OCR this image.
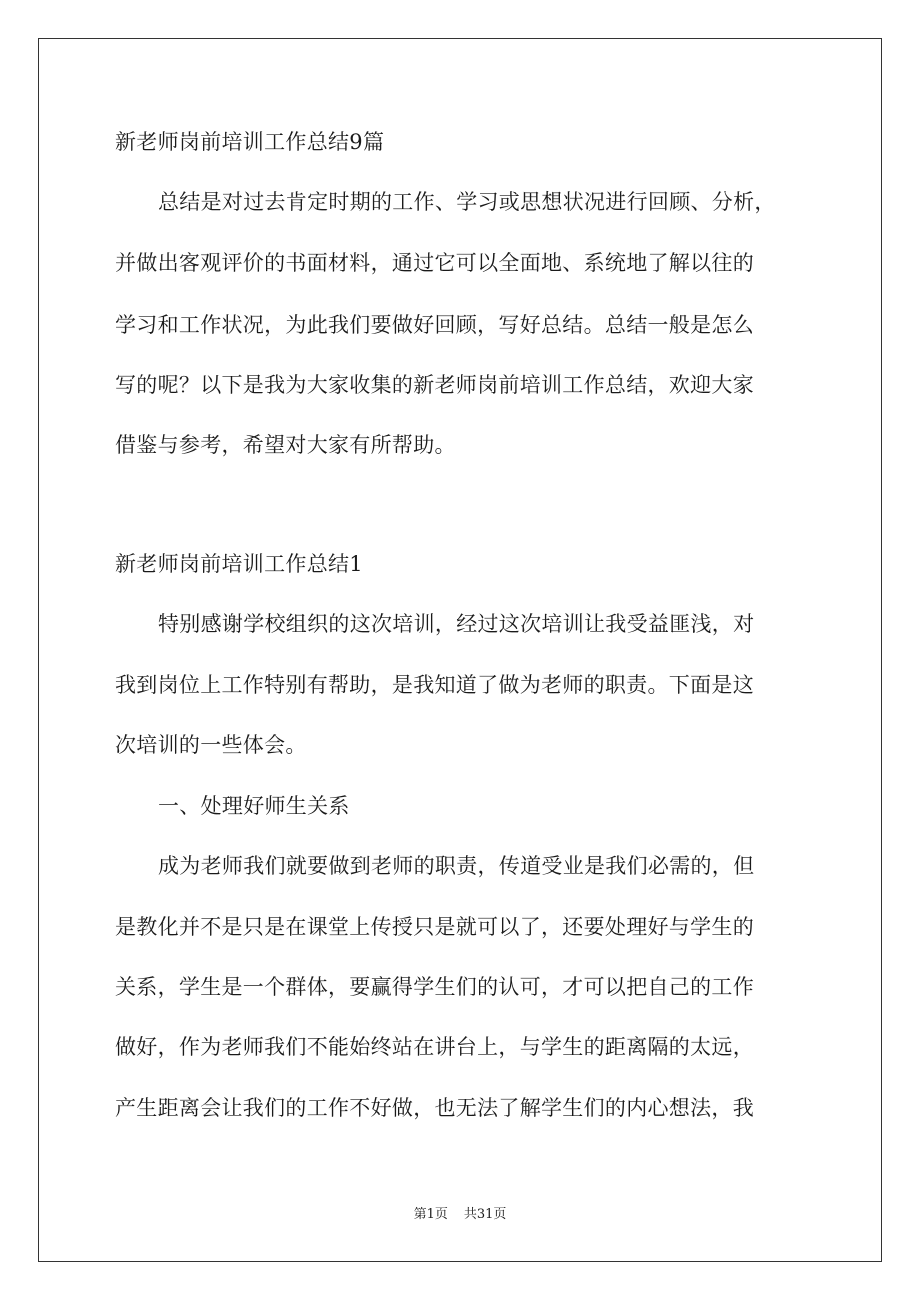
新老师岗前培训工作总结9篇
总结是对过去肯定时期的工作、学习或思想状况进行回顾、分析，
并做出客观评价的书面材料，通过它可以全面地、系统地了解以往的
学习和工作状况，为此我们要做好回顾，写好总结。总结一般是怎么
写的呢？以下是我为大家收集的新老师岗前培训工作总结，欢迎大家
借鉴与参考，希望对大家有所帮助。
新老师岗前培训工作总结1
特别感谢学校组织的这次培训，经过这次培训让我受益匪浅，对
我到岗位上工作特别有帮助，是我知道了做为老师的职责。下面是这
次培训的一些体会。
一、处理好师生关系
成为老师我们就要做到老师的职责，传道受业是我们必需的，但
是教化并不是只是在课堂上传授只是就可以了，还要处理好与学生的
关系，学生是一个群体，要赢得学生们的认可，才可以把自己的工作
做好，作为老师我们不能始终站在讲台上，与学生的距离隔的太远，
产生距离会让我们的工作不好做，也无法了解学生们的内心想法，我
第1页 共31页
